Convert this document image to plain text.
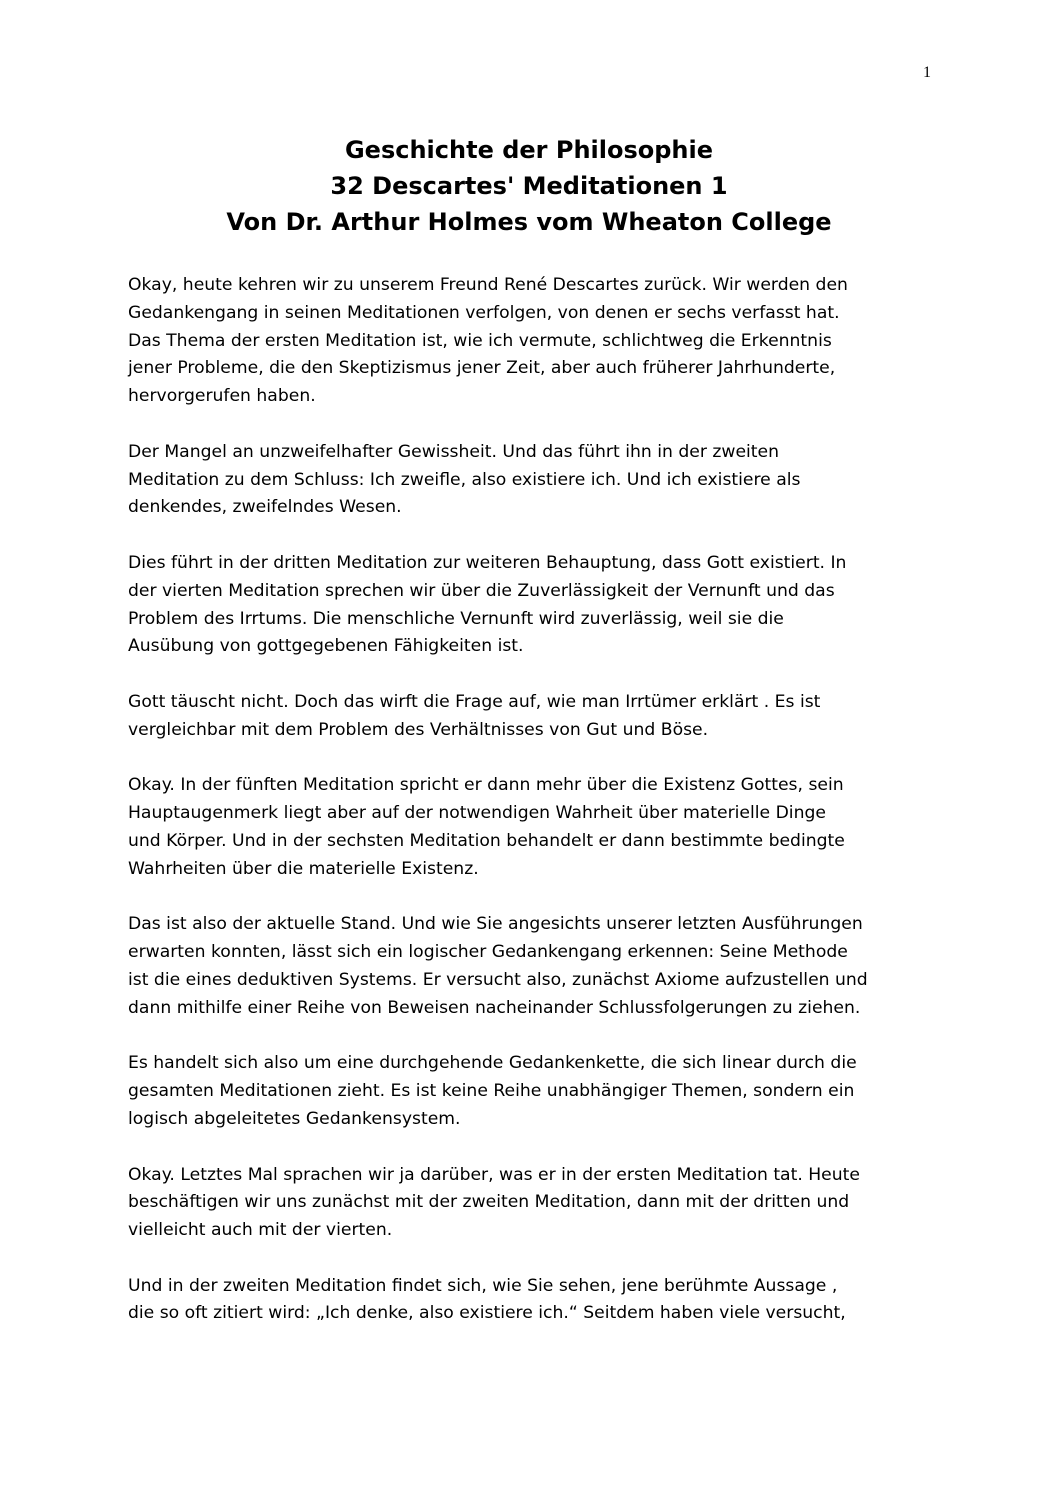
1
Geschichte der Philosophie
32 Descartes' Meditationen 1
Von Dr. Arthur Holmes vom Wheaton College

Okay, heute kehren wir zu unserem Freund René Descartes zurück. Wir werden den
Gedankengang in seinen Meditationen verfolgen, von denen er sechs verfasst hat.
Das Thema der ersten Meditation ist, wie ich vermute, schlichtweg die Erkenntnis
jener Probleme, die den Skeptizismus jener Zeit, aber auch früherer Jahrhunderte,
hervorgerufen haben.

Der Mangel an unzweifelhafter Gewissheit. Und das führt ihn in der zweiten
Meditation zu dem Schluss: Ich zweifle, also existiere ich. Und ich existiere als
denkendes, zweifelndes Wesen.

Dies führt in der dritten Meditation zur weiteren Behauptung, dass Gott existiert. In
der vierten Meditation sprechen wir über die Zuverlässigkeit der Vernunft und das
Problem des Irrtums. Die menschliche Vernunft wird zuverlässig, weil sie die
Ausübung von gottgegebenen Fähigkeiten ist.

Gott täuscht nicht. Doch das wirft die Frage auf, wie man Irrtümer erklärt . Es ist
vergleichbar mit dem Problem des Verhältnisses von Gut und Böse.

Okay. In der fünften Meditation spricht er dann mehr über die Existenz Gottes, sein
Hauptaugenmerk liegt aber auf der notwendigen Wahrheit über materielle Dinge
und Körper. Und in der sechsten Meditation behandelt er dann bestimmte bedingte
Wahrheiten über die materielle Existenz.

Das ist also der aktuelle Stand. Und wie Sie angesichts unserer letzten Ausführungen
erwarten konnten, lässt sich ein logischer Gedankengang erkennen: Seine Methode
ist die eines deduktiven Systems. Er versucht also, zunächst Axiome aufzustellen und
dann mithilfe einer Reihe von Beweisen nacheinander Schlussfolgerungen zu ziehen.

Es handelt sich also um eine durchgehende Gedankenkette, die sich linear durch die
gesamten Meditationen zieht. Es ist keine Reihe unabhängiger Themen, sondern ein
logisch abgeleitetes Gedankensystem.

Okay. Letztes Mal sprachen wir ja darüber, was er in der ersten Meditation tat. Heute
beschäftigen wir uns zunächst mit der zweiten Meditation, dann mit der dritten und
vielleicht auch mit der vierten.

Und in der zweiten Meditation findet sich, wie Sie sehen, jene berühmte Aussage ,
die so oft zitiert wird: „Ich denke, also existiere ich.“ Seitdem haben viele versucht,
